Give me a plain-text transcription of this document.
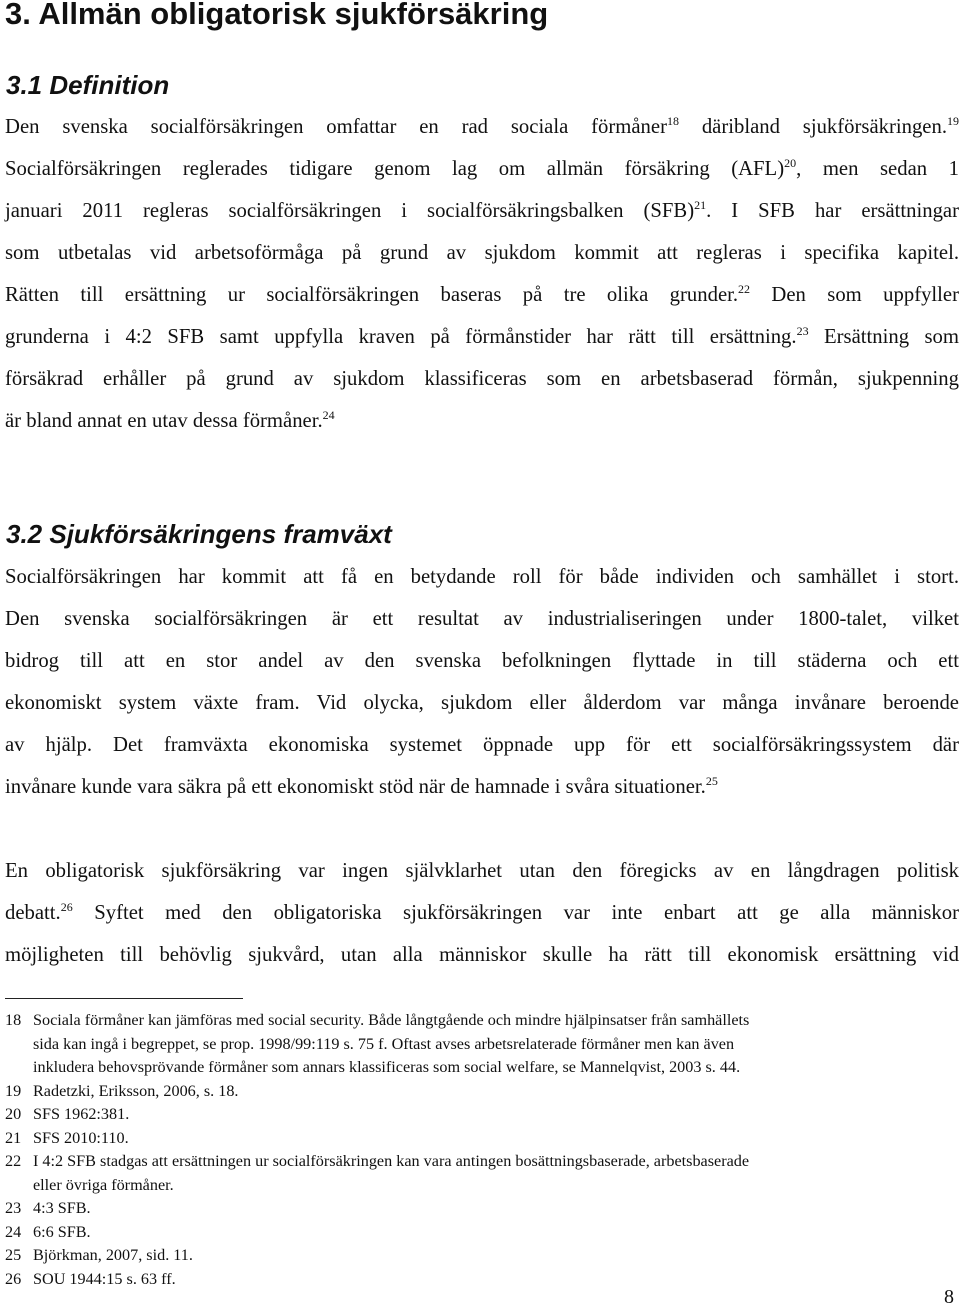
3. Allmän obligatorisk sjukförsäkring
3.1 Definition
Den svenska socialförsäkringen omfattar en rad sociala förmåner$^{18}$ däribland sjukförsäkringen.$^{19}$
Socialförsäkringen reglerades tidigare genom lag om allmän försäkring (AFL)$^{20}$, men sedan 1
januari 2011 regleras socialförsäkringen i socialförsäkringsbalken (SFB)$^{21}$. I SFB har ersättningar
som utbetalas vid arbetsoförmåga på grund av sjukdom kommit att regleras i specifika kapitel.
Rätten till ersättning ur socialförsäkringen baseras på tre olika grunder.$^{22}$ Den som uppfyller
grunderna i 4:2 SFB samt uppfylla kraven på förmånstider har rätt till ersättning.$^{23}$ Ersättning som
försäkrad erhåller på grund av sjukdom klassificeras som en arbetsbaserad förmån, sjukpenning
är bland annat en utav dessa förmåner.$^{24}$
3.2 Sjukförsäkringens framväxt
Socialförsäkringen har kommit att få en betydande roll för både individen och samhället i stort.
Den svenska socialförsäkringen är ett resultat av industrialiseringen under 1800-talet, vilket
bidrog till att en stor andel av den svenska befolkningen flyttade in till städerna och ett
ekonomiskt system växte fram. Vid olycka, sjukdom eller ålderdom var många invånare beroende
av hjälp. Det framväxta ekonomiska systemet öppnade upp för ett socialförsäkringssystem där
invånare kunde vara säkra på ett ekonomiskt stöd när de hamnade i svåra situationer.$^{25}$
En obligatorisk sjukförsäkring var ingen självklarhet utan den föregicks av en långdragen politisk
debatt.$^{26}$ Syftet med den obligatoriska sjukförsäkringen var inte enbart att ge alla människor
möjligheten till behövlig sjukvård, utan alla människor skulle ha rätt till ekonomisk ersättning vid
18 Sociala förmåner kan jämföras med social security. Både långtgående och mindre hjälpinsatser från samhällets
sida kan ingå i begreppet, se prop. 1998/99:119 s. 75 f. Oftast avses arbetsrelaterade förmåner men kan även
inkludera behovsprövande förmåner som annars klassificeras som social welfare, se Mannelqvist, 2003 s. 44.
19 Radetzki, Eriksson, 2006, s. 18.
20 SFS 1962:381.
21 SFS 2010:110.
22 I 4:2 SFB stadgas att ersättningen ur socialförsäkringen kan vara antingen bosättningsbaserade, arbetsbaserade
eller övriga förmåner.
23 4:3 SFB.
24 6:6 SFB.
25 Björkman, 2007, sid. 11.
26 SOU 1944:15 s. 63 ff.
8
